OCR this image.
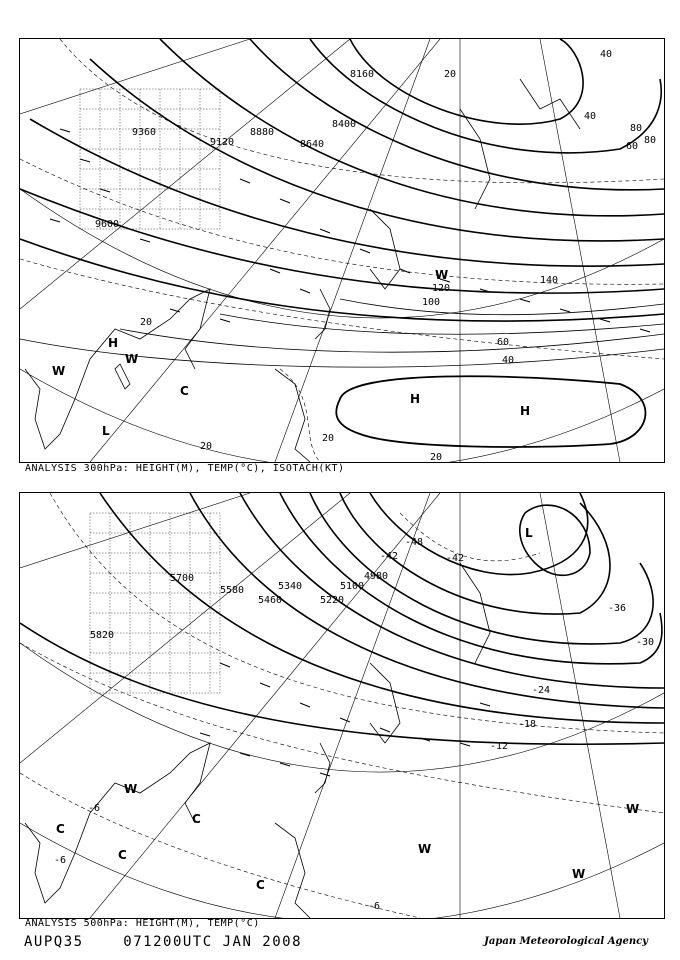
9600
9360
9120
8880
8640
8400
8160
20
40
60
80
100
120
140
40
80
60
40
20
20
20
20
H
H
H
W
W
W
C
L
ANALYSIS 300hPa: HEIGHT(M), TEMP(°C), ISOTACH(KT)
5820
5700
5580
5460
5340
5220
5100
4980
-48
-42
-36
-30
-24
-18
-12
-6
-6
-6
-42
L
W
W
W
W
C
C
C
C
ANALYSIS 500hPa: HEIGHT(M), TEMP(°C)
AUPQ35	071200UTC JAN 2008	Japan Meteorological Agency
